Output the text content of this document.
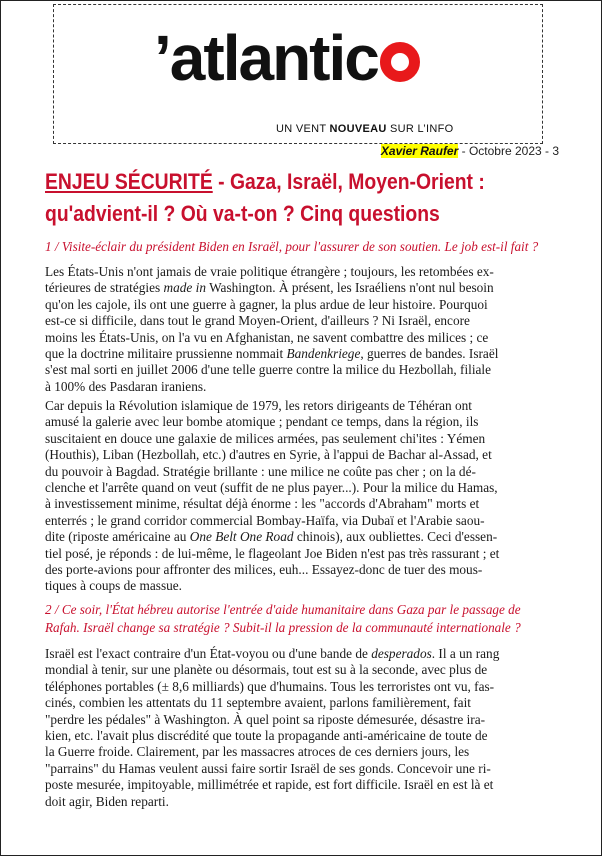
’atlantic
UN VENT NOUVEAU SUR L’INFO
Xavier Raufer - Octobre 2023 - 3
ENJEU SÉCURITÉ - Gaza, Israël, Moyen-Orient :
qu'advient-il ? Où va-t-on ? Cinq questions
1 / Visite-éclair du président Biden en Israël, pour l'assurer de son soutien. Le job est-il fait ?
Les États-Unis n'ont jamais de vraie politique étrangère ; toujours, les retombées ex-
térieures de stratégies made in Washington. À présent, les Israéliens n'ont nul besoin
qu'on les cajole, ils ont une guerre à gagner, la plus ardue de leur histoire. Pourquoi
est-ce si difficile, dans tout le grand Moyen-Orient, d'ailleurs ? Ni Israël, encore
moins les États-Unis, on l'a vu en Afghanistan, ne savent combattre des milices ; ce
que la doctrine militaire prussienne nommait Bandenkriege, guerres de bandes. Israël
s'est mal sorti en juillet 2006 d'une telle guerre contre la milice du Hezbollah, filiale
à 100% des Pasdaran iraniens.
Car depuis la Révolution islamique de 1979, les retors dirigeants de Téhéran ont
amusé la galerie avec leur bombe atomique ; pendant ce temps, dans la région, ils
suscitaient en douce une galaxie de milices armées, pas seulement chi'ites : Yémen
(Houthis), Liban (Hezbollah, etc.) d'autres en Syrie, à l'appui de Bachar al-Assad, et
du pouvoir à Bagdad. Stratégie brillante : une milice ne coûte pas cher ; on la dé-
clenche et l'arrête quand on veut (suffit de ne plus payer...). Pour la milice du Hamas,
à investissement minime, résultat déjà énorme : les "accords d'Abraham" morts et
enterrés ; le grand corridor commercial Bombay-Haïfa, via Dubaï et l'Arabie saou-
dite (riposte américaine au One Belt One Road chinois), aux oubliettes. Ceci d'essen-
tiel posé, je réponds : de lui-même, le flageolant Joe Biden n'est pas très rassurant ; et
des porte-avions pour affronter des milices, euh... Essayez-donc de tuer des mous-
tiques à coups de massue.
2 / Ce soir, l'État hébreu autorise l'entrée d'aide humanitaire dans Gaza par le passage de
Rafah. Israël change sa stratégie ? Subit-il la pression de la communauté internationale ?
Israël est l'exact contraire d'un État-voyou ou d'une bande de desperados. Il a un rang
mondial à tenir, sur une planète ou désormais, tout est su à la seconde, avec plus de
téléphones portables (± 8,6 milliards) que d'humains. Tous les terroristes ont vu, fas-
cinés, combien les attentats du 11 septembre avaient, parlons familièrement, fait
"perdre les pédales" à Washington. À quel point sa riposte démesurée, désastre ira-
kien, etc. l'avait plus discrédité que toute la propagande anti-américaine de toute de
la Guerre froide. Clairement, par les massacres atroces de ces derniers jours, les
"parrains" du Hamas veulent aussi faire sortir Israël de ses gonds. Concevoir une ri-
poste mesurée, impitoyable, millimétrée et rapide, est fort difficile. Israël en est là et
doit agir, Biden reparti.
